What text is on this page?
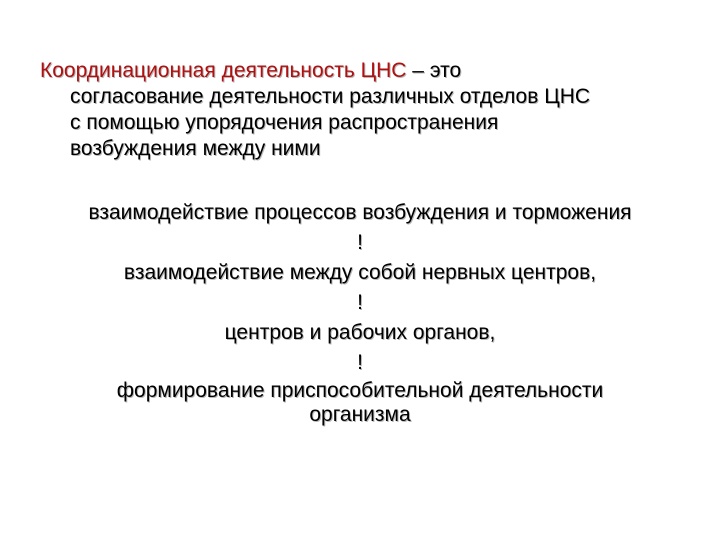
Координационная деятельность ЦНС – это
согласование деятельности различных отделов ЦНС
с помощью упорядочения распространения
возбуждения между ними
взаимодействие процессов возбуждения и торможения
!
взаимодействие между собой нервных центров,
!
центров и рабочих органов,
!
формирование приспособительной деятельности
организма
